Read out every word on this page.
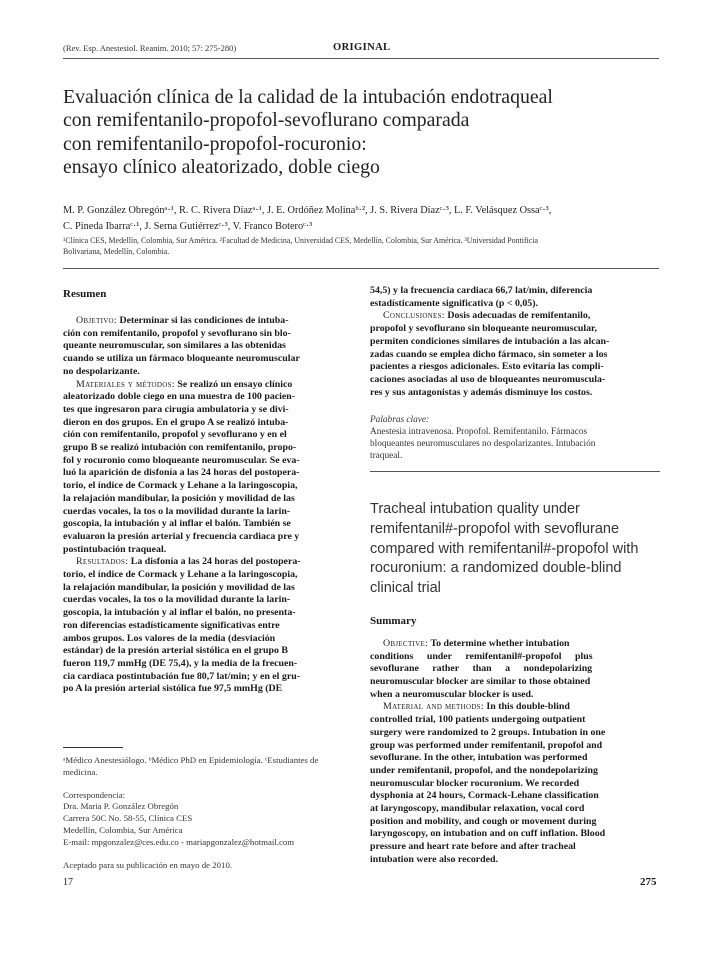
(Rev. Esp. Anestesiol. Reanim. 2010; 57: 275-280)	ORIGINAL
Evaluación clínica de la calidad de la intubación endotraqueal
con remifentanilo-propofol-sevoflurano comparada
con remifentanilo-propofol-rocuronio:
ensayo clínico aleatorizado, doble ciego
M. P. González Obregónᵃ·¹, R. C. Rivera Díazᵃ·¹, J. E. Ordóñez Molinaᵇ·², J. S. Rivera Díazᶜ·³, L. F. Velásquez Ossaᶜ·³,
C. Pineda Ibarraᶜ·¹, J. Serna Gutiérrezᶜ·³, V. Franco Boteroᶜ·³
¹Clínica CES, Medellín, Colombia, Sur América. ²Facultad de Medicina, Universidad CES, Medellín, Colombia, Sur América. ³Universidad Pontificia
Bolivariana, Medellín, Colombia.
Resumen
Objetivo: Determinar si las condiciones de intuba-
ción con remifentanilo, propofol y sevoflurano sin blo-
queante neuromuscular, son similares a las obtenidas
cuando se utiliza un fármaco bloqueante neuromuscular
no despolarizante.
Materiales y métodos: Se realizó un ensayo clínico
aleatorizado doble ciego en una muestra de 100 pacien-
tes que ingresaron para cirugía ambulatoria y se divi-
dieron en dos grupos. En el grupo A se realizó intuba-
ción con remifentanilo, propofol y sevoflurano y en el
grupo B se realizó intubación con remifentanilo, propo-
fol y rocuronio como bloqueante neuromuscular. Se eva-
luó la aparición de disfonía a las 24 horas del postopera-
torio, el índice de Cormack y Lehane a la laringoscopia,
la relajación mandibular, la posición y movilidad de las
cuerdas vocales, la tos o la movilidad durante la larin-
goscopia, la intubación y al inflar el balón. También se
evaluaron la presión arterial y frecuencia cardiaca pre y
postintubación traqueal.
Resultados: La disfonía a las 24 horas del postopera-
torio, el índice de Cormack y Lehane a la laringoscopia,
la relajación mandibular, la posición y movilidad de las
cuerdas vocales, la tos o la movilidad durante la larin-
goscopia, la intubación y al inflar el balón, no presenta-
ron diferencias estadísticamente significativas entre
ambos grupos. Los valores de la media (desviación
estándar) de la presión arterial sistólica en el grupo B
fueron 119,7 mmHg (DE 75,4), y la media de la frecuen-
cia cardiaca postintubación fue 80,7 lat/min; y en el gru-
po A la presión arterial sistólica fue 97,5 mmHg (DE
ᵃMédico Anestesiólogo. ᵇMédico PhD en Epidemiología. ᶜEstudiantes de
medicina.
Correspondencia:
Dra. Maria P. González Obregón
Carrera 50C No. 58-55, Clínica CES
Medellín, Colombia, Sur América
E-mail: mpgonzalez@ces.edu.co - mariapgonzalez@hotmail.com
Aceptado para su publicación en mayo de 2010.
54,5) y la frecuencia cardiaca 66,7 lat/min, diferencia
estadísticamente significativa (p < 0,05).
Conclusiones: Dosis adecuadas de remifentanilo,
propofol y sevoflurano sin bloqueante neuromuscular,
permiten condiciones similares de intubación a las alcan-
zadas cuando se emplea dicho fármaco, sin someter a los
pacientes a riesgos adicionales. Esto evitaría las compli-
caciones asociadas al uso de bloqueantes neuromuscula-
res y sus antagonistas y además disminuye los costos.
Palabras clave:
Anestesia intravenosa. Propofol. Remifentanilo. Fármacos
bloqueantes neuromusculares no despolarizantes. Intubación
traqueal.
Tracheal intubation quality under
remifentanil#-propofol with sevoflurane
compared with remifentanil#-propofol with
rocuronium: a randomized double-blind
clinical trial
Summary
Objective: To determine whether intubation
conditions under remifentanil#-propofol plus
sevoflurane rather than a nondepolarizing
neuromuscular blocker are similar to those obtained
when a neuromuscular blocker is used.
Material and methods: In this double-blind
controlled trial, 100 patients undergoing outpatient
surgery were randomized to 2 groups. Intubation in one
group was performed under remifentanil, propofol and
sevoflurane. In the other, intubation was performed
under remifentanil, propofol, and the nondepolarizing
neuromuscular blocker rocuronium. We recorded
dysphonia at 24 hours, Cormack-Lehane classification
at laryngoscopy, mandibular relaxation, vocal cord
position and mobility, and cough or movement during
laryngoscopy, on intubation and on cuff inflation. Blood
pressure and heart rate before and after tracheal
intubation were also recorded.
17	275
